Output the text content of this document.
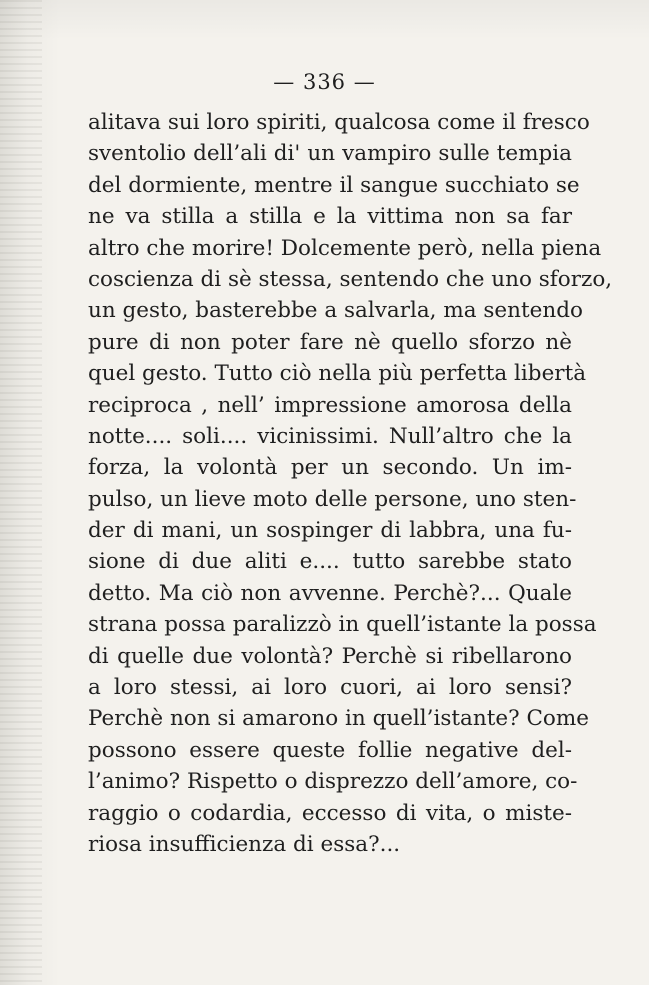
— 336 —
alitava sui loro spiriti, qualcosa come il fresco
sventolio dell’ali di' un vampiro sulle tempia
del dormiente, mentre il sangue succhiato se
ne va stilla a stilla e la vittima non sa far
altro che morire! Dolcemente però, nella piena
coscienza di sè stessa, sentendo che uno sforzo,
un gesto, basterebbe a salvarla, ma sentendo
pure di non poter fare nè quello sforzo nè
quel gesto. Tutto ciò nella più perfetta libertà
reciproca , nell’ impressione amorosa della
notte.... soli.... vicinissimi. Null’altro che la
forza, la volontà per un secondo. Un im-
pulso, un lieve moto delle persone, uno sten-
der di mani, un sospinger di labbra, una fu-
sione di due aliti e.... tutto sarebbe stato
detto. Ma ciò non avvenne. Perchè?... Quale
strana possa paralizzò in quell’istante la possa
di quelle due volontà? Perchè si ribellarono
a loro stessi, ai loro cuori, ai loro sensi?
Perchè non si amarono in quell’istante? Come
possono essere queste follie negative del-
l’animo? Rispetto o disprezzo dell’amore, co-
raggio o codardia, eccesso di vita, o miste-
riosa insufficienza di essa?...
